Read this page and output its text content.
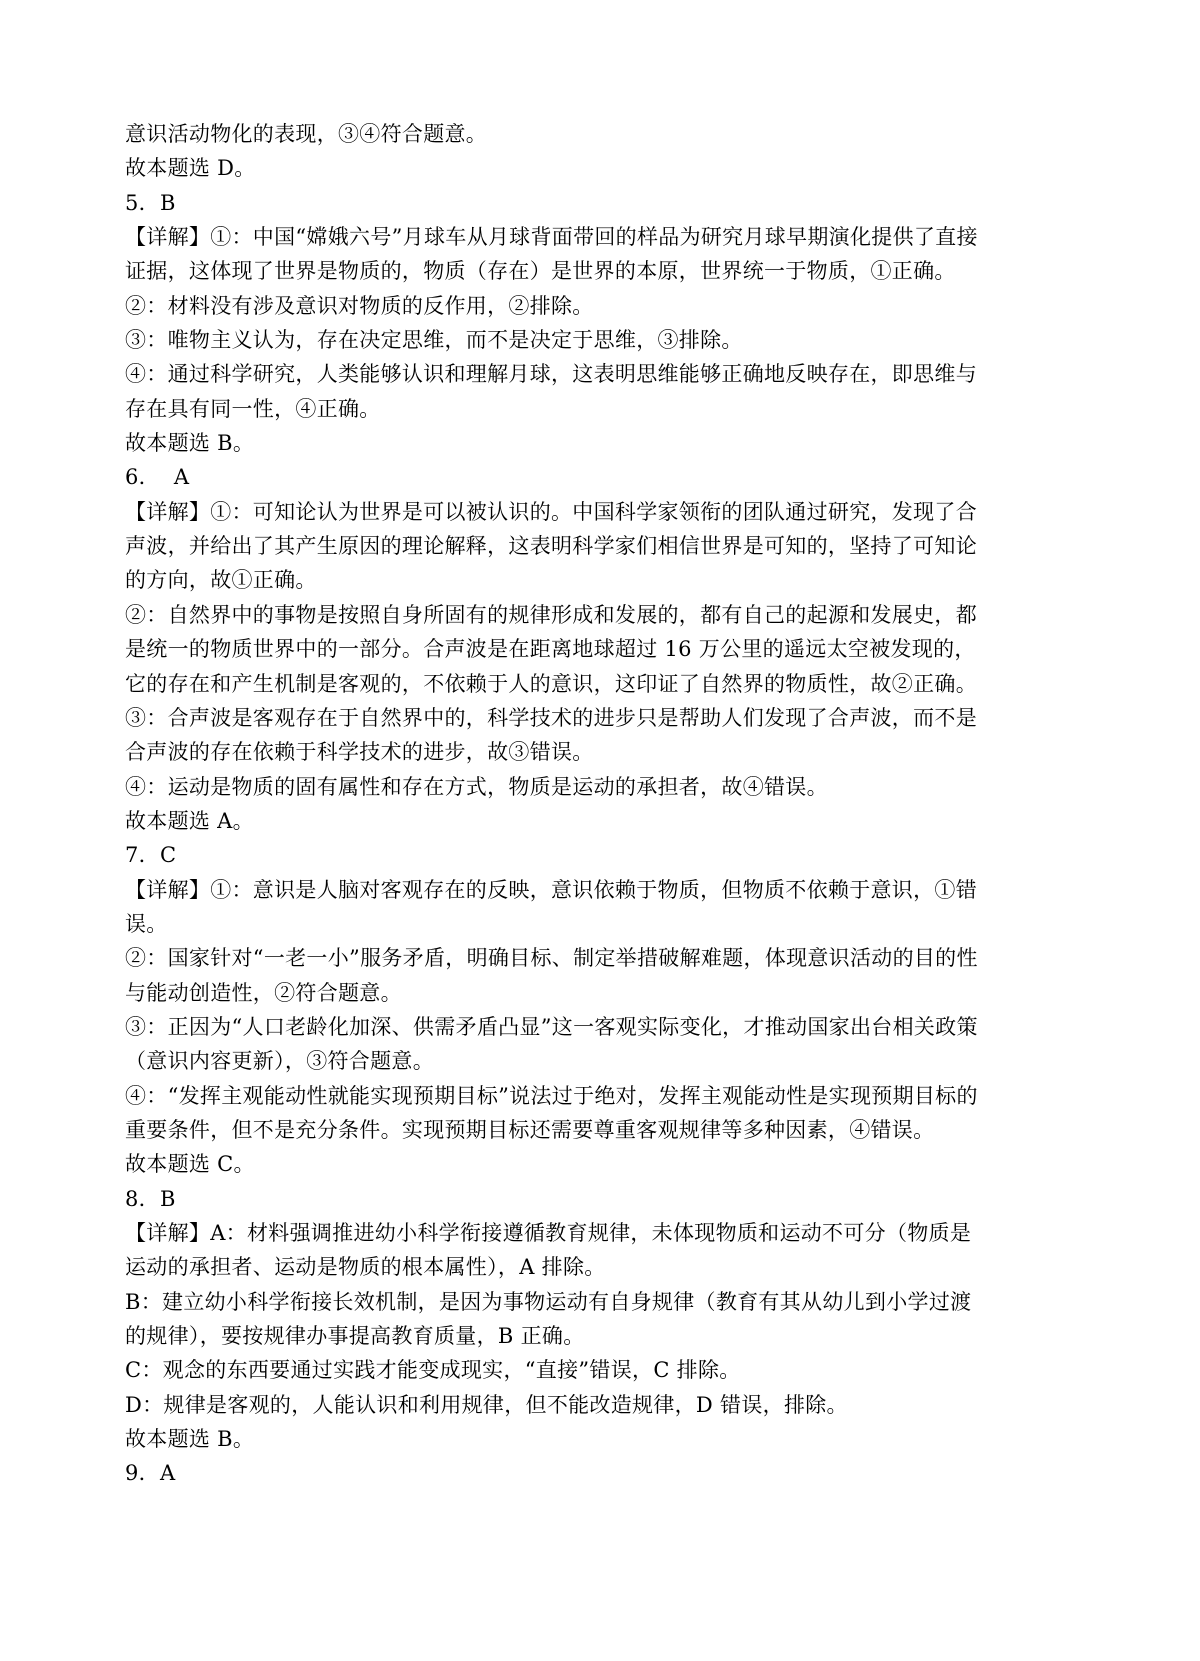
意识活动物化的表现，③④符合题意。
故本题选 D。
5．B
【详解】①：中国“嫦娥六号”月球车从月球背面带回的样品为研究月球早期演化提供了直接
证据，这体现了世界是物质的，物质（存在）是世界的本原，世界统一于物质，①正确。
②：材料没有涉及意识对物质的反作用，②排除。
③：唯物主义认为，存在决定思维，而不是决定于思维，③排除。
④：通过科学研究，人类能够认识和理解月球，这表明思维能够正确地反映存在，即思维与
存在具有同一性，④正确。
故本题选 B。
6．  A
【详解】①：可知论认为世界是可以被认识的。中国科学家领衔的团队通过研究，发现了合
声波，并给出了其产生原因的理论解释，这表明科学家们相信世界是可知的，坚持了可知论
的方向，故①正确。
②：自然界中的事物是按照自身所固有的规律形成和发展的，都有自己的起源和发展史，都
是统一的物质世界中的一部分。合声波是在距离地球超过 16 万公里的遥远太空被发现的，
它的存在和产生机制是客观的，不依赖于人的意识，这印证了自然界的物质性，故②正确。
③：合声波是客观存在于自然界中的，科学技术的进步只是帮助人们发现了合声波，而不是
合声波的存在依赖于科学技术的进步，故③错误。
④：运动是物质的固有属性和存在方式，物质是运动的承担者，故④错误。
故本题选 A。
7．C
【详解】①：意识是人脑对客观存在的反映，意识依赖于物质，但物质不依赖于意识，①错
误。
②：国家针对“一老一小”服务矛盾，明确目标、制定举措破解难题，体现意识活动的目的性
与能动创造性，②符合题意。
③：正因为“人口老龄化加深、供需矛盾凸显”这一客观实际变化，才推动国家出台相关政策
（意识内容更新），③符合题意。
④：“发挥主观能动性就能实现预期目标”说法过于绝对，发挥主观能动性是实现预期目标的
重要条件，但不是充分条件。实现预期目标还需要尊重客观规律等多种因素，④错误。
故本题选 C。
8．B
【详解】A：材料强调推进幼小科学衔接遵循教育规律，未体现物质和运动不可分（物质是
运动的承担者、运动是物质的根本属性），A 排除。
B：建立幼小科学衔接长效机制，是因为事物运动有自身规律（教育有其从幼儿到小学过渡
的规律），要按规律办事提高教育质量，B 正确。
C：观念的东西要通过实践才能变成现实，“直接”错误，C 排除。
D：规律是客观的，人能认识和利用规律，但不能改造规律，D 错误，排除。
故本题选 B。
9．A
